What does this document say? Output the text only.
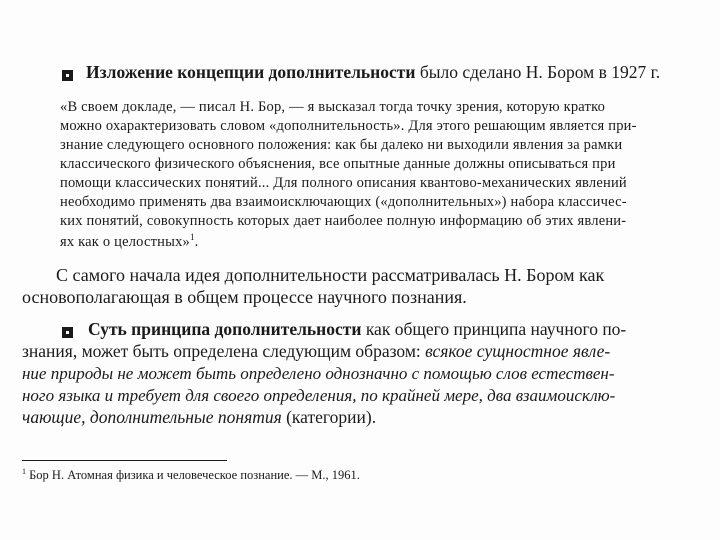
Изложение концепции дополнительности было сделано Н. Бором в 1927 г.
«В своем докладе, — писал Н. Бор, — я высказал тогда точку зрения, которую кратко
можно охарактеризовать словом «дополнительность». Для этого решающим является при-
знание следующего основного положения: как бы далеко ни выходили явления за рамки
классического физического объяснения, все опытные данные должны описываться при
помощи классических понятий... Для полного описания квантово-механических явлений
необходимо применять два взаимоисключающих («дополнительных») набора классичес-
ких понятий, совокупность которых дает наиболее полную информацию об этих явлени-
ях как о целостных»$^1$.
С самого начала идея дополнительности рассматривалась Н. Бором как
основополагающая в общем процессе научного познания.
Суть принципа дополнительности как общего принципа научного по-
знания, может быть определена следующим образом: всякое сущностное явле-
ние природы не может быть определено однозначно с помощью слов естествен-
ного языка и требует для своего определения, по крайней мере, два взаимоисклю-
чающие, дополнительные понятия (категории).
$^1$ Бор Н. Атомная физика и человеческое познание. — М., 1961.
